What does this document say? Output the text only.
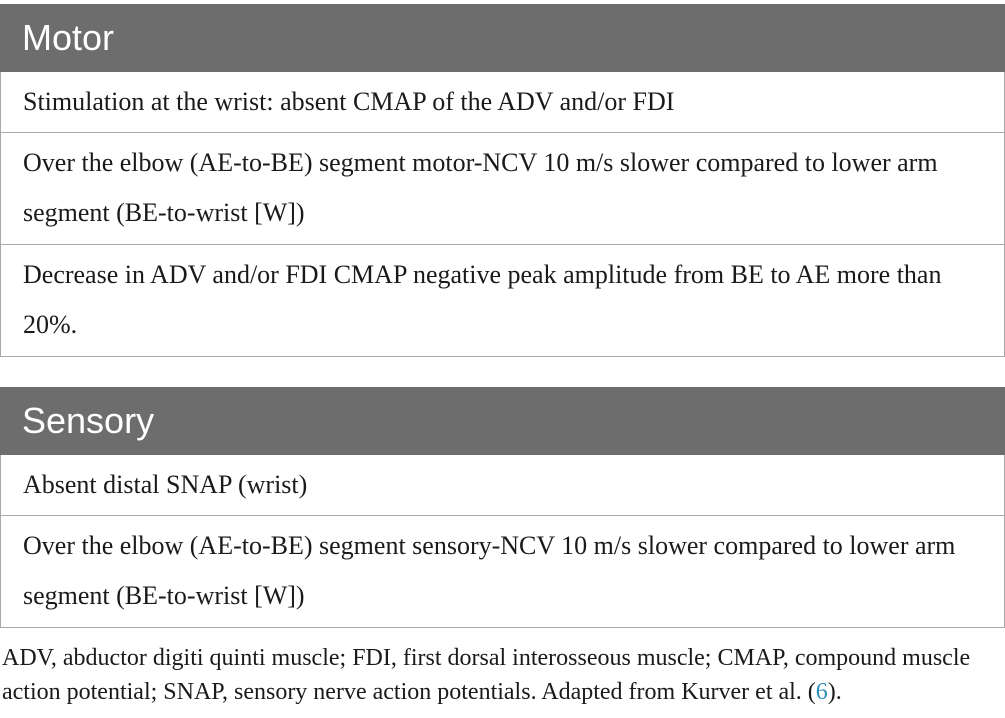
Motor
Stimulation at the wrist: absent CMAP of the ADV and/or FDI
Over the elbow (AE-to-BE) segment motor-NCV 10 m/s slower compared to lower arm segment (BE-to-wrist [W])
Decrease in ADV and/or FDI CMAP negative peak amplitude from BE to AE more than 20%.
Sensory
Absent distal SNAP (wrist)
Over the elbow (AE-to-BE) segment sensory-NCV 10 m/s slower compared to lower arm segment (BE-to-wrist [W])
ADV, abductor digiti quinti muscle; FDI, first dorsal interosseous muscle; CMAP, compound muscle action potential; SNAP, sensory nerve action potentials. Adapted from Kurver et al. (6).
